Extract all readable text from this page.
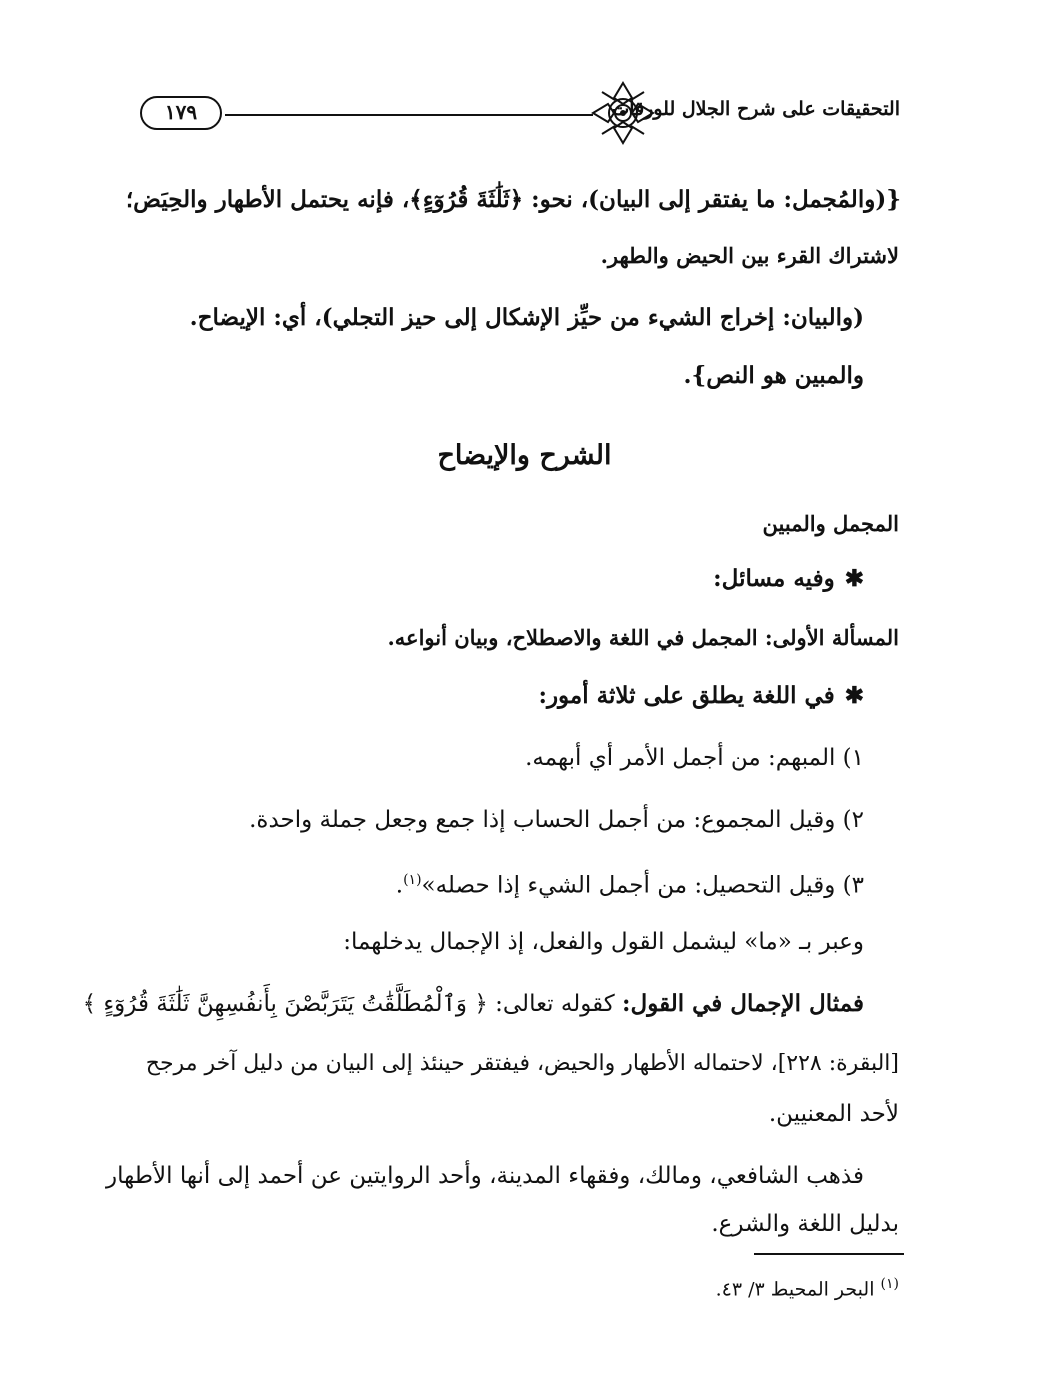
١٧٩	التحقيقات على شرح الجلال للورقات
{(والمُجمل: ما يفتقر إلى البيان)، نحو: ﴿ثَلَٰثَةَ قُرُوٓءٍ﴾، فإنه يحتمل الأطهار والحِيَض؛
لاشتراك القرء بين الحيض والطهر.
(والبيان: إخراج الشيء من حيِّز الإشكال إلى حيز التجلي)، أي: الإيضاح.
والمبين هو النص}.
الشرح والإيضاح
المجمل والمبين
✱وفيه مسائل:
المسألة الأولى: المجمل في اللغة والاصطلاح، وبيان أنواعه.
✱في اللغة يطلق على ثلاثة أمور:
١) المبهم: من أجمل الأمر أي أبهمه.
٢) وقيل المجموع: من أجمل الحساب إذا جمع وجعل جملة واحدة.
٣) وقيل التحصيل: من أجمل الشيء إذا حصله»$^{(١)}$.
وعبر بـ «ما» ليشمل القول والفعل، إذ الإجمال يدخلهما:
فمثال الإجمال في القول: كقوله تعالى: ﴿ وَٱلْمُطَلَّقَٰتُ يَتَرَبَّصْنَ بِأَنفُسِهِنَّ ثَلَٰثَةَ قُرُوٓءٍ ﴾
[البقرة: ٢٢٨]، لاحتماله الأطهار والحيض، فيفتقر حينئذ إلى البيان من دليل آخر مرجح
لأحد المعنيين.
فذهب الشافعي، ومالك، وفقهاء المدينة، وأحد الروايتين عن أحمد إلى أنها الأطهار
بدليل اللغة والشرع.
$^{(١)}$ البحر المحيط ٣/ ٤٣.
